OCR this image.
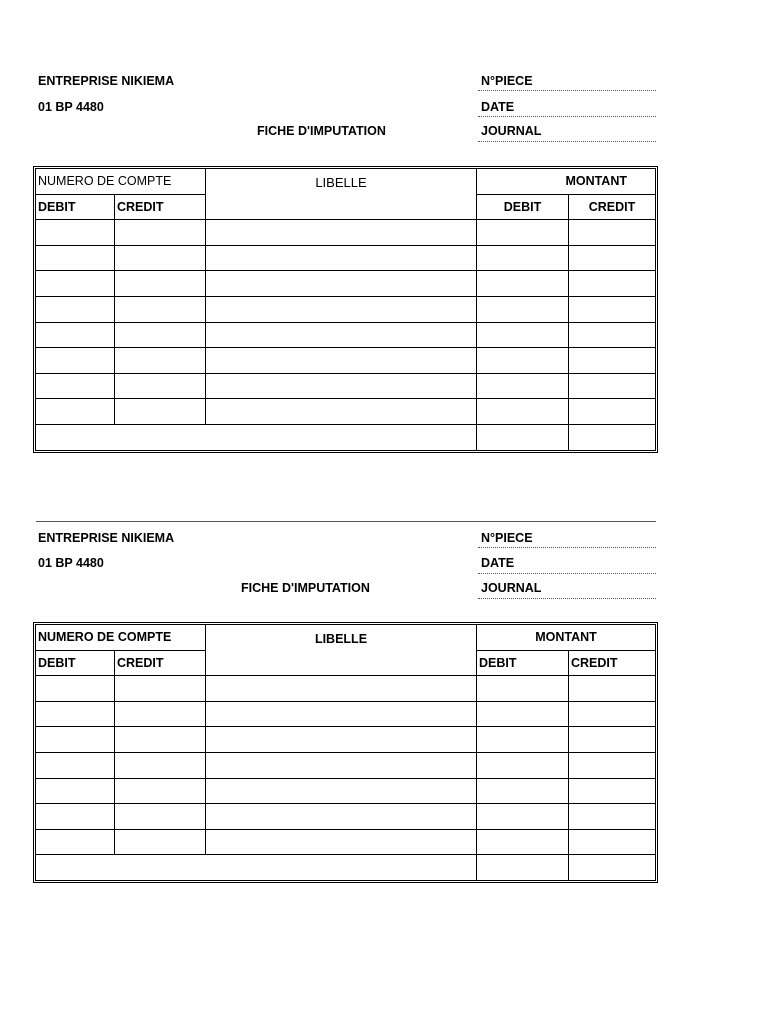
ENTREPRISE NIKIEMA
01 BP 4480
FICHE D'IMPUTATION
N°PIECE
DATE
JOURNAL
NUMERO DE COMPTE		LIBELLE	MONTANT	
DEBIT	CREDIT		DEBIT	CREDIT

ENTREPRISE NIKIEMA
01 BP 4480
FICHE D'IMPUTATION
N°PIECE
DATE
JOURNAL
NUMERO DE COMPTE		LIBELLE	MONTANT	
DEBIT	CREDIT		DEBIT	CREDIT
